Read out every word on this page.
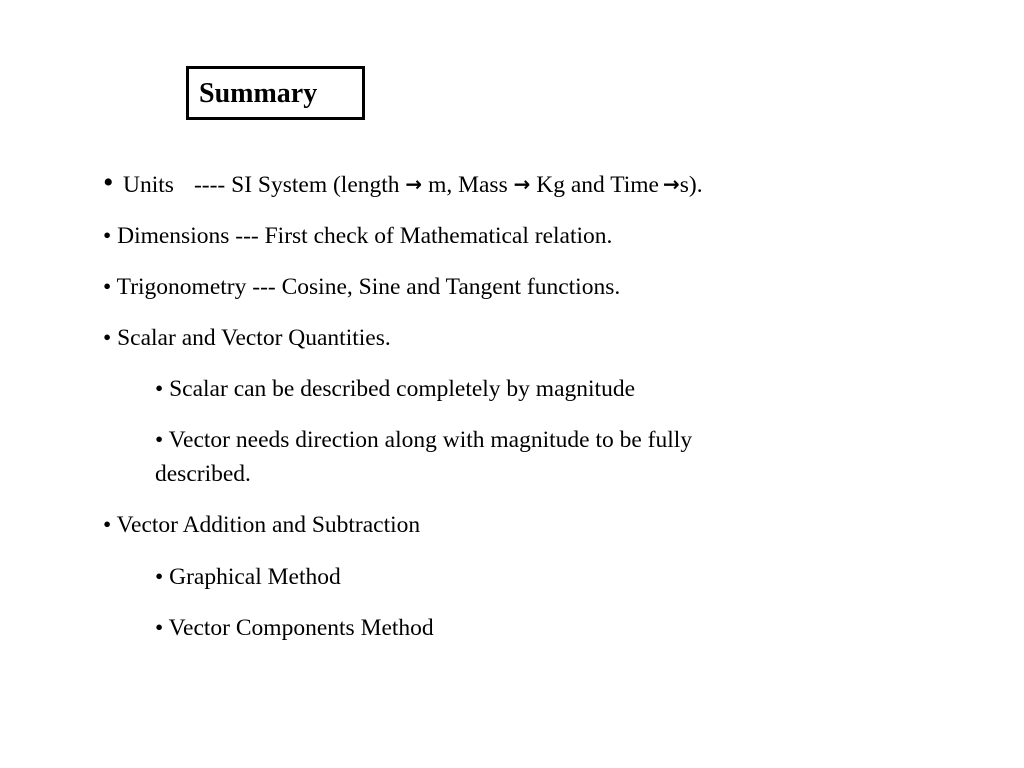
Summary
• Units ---- SI System (length → m, Mass → Kg and Time →s).
• Dimensions --- First check of Mathematical relation.
• Trigonometry --- Cosine, Sine and Tangent functions.
• Scalar and Vector Quantities.
• Scalar can be described completely by magnitude
• Vector needs direction along with magnitude to be fully
described.
• Vector Addition and Subtraction
• Graphical Method
• Vector Components Method
